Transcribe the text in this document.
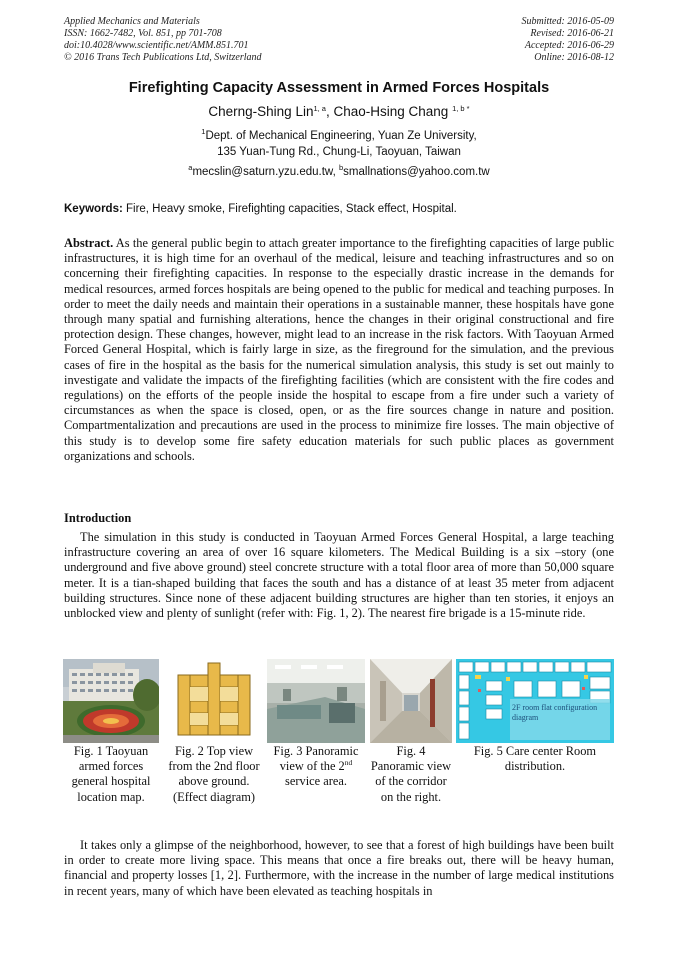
Applied Mechanics and Materials
ISSN: 1662-7482, Vol. 851, pp 701-708
doi:10.4028/www.scientific.net/AMM.851.701
© 2016 Trans Tech Publications Ltd, Switzerland
Submitted: 2016-05-09
Revised: 2016-06-21
Accepted: 2016-06-29
Online: 2016-08-12
Firefighting Capacity Assessment in Armed Forces Hospitals
Cherng-Shing Lin$^{1, a}$, Chao-Hsing Chang $^{1, b *}$
$^1$Dept. of Mechanical Engineering, Yuan Ze University,
135 Yuan-Tung Rd., Chung-Li, Taoyuan, Taiwan
$^a$mecslin@saturn.yzu.edu.tw, $^b$smallnations@yahoo.com.tw
Keywords: Fire, Heavy smoke, Firefighting capacities, Stack effect, Hospital.
Abstract. As the general public begin to attach greater importance to the firefighting capacities of large public infrastructures, it is high time for an overhaul of the medical, leisure and teaching infrastructures and so on concerning their firefighting capacities. In response to the especially drastic increase in the demands for medical resources, armed forces hospitals are being opened to the public for medical and teaching purposes. In order to meet the daily needs and maintain their operations in a sustainable manner, these hospitals have gone through many spatial and furnishing alterations, hence the changes in their original constructional and fire protection design. These changes, however, might lead to an increase in the risk factors. With Taoyuan Armed Forced General Hospital, which is fairly large in size, as the fireground for the simulation, and the previous cases of fire in the hospital as the basis for the numerical simulation analysis, this study is set out mainly to investigate and validate the impacts of the firefighting facilities (which are consistent with the fire codes and regulations) on the efforts of the people inside the hospital to escape from a fire under such a variety of circumstances as when the space is closed, open, or as the fire sources change in nature and position. Compartmentalization and precautions are used in the process to minimize fire losses. The main objective of this study is to develop some fire safety education materials for such public places as government organizations and schools.
Introduction
The simulation in this study is conducted in Taoyuan Armed Forces General Hospital, a large teaching infrastructure covering an area of over 16 square kilometers. The Medical Building is a six –story (one underground and five above ground) steel concrete structure with a total floor area of more than 50,000 square meter. It is a tian-shaped building that faces the south and has a distance of at least 35 meter from adjacent building structures. Since none of these adjacent building structures are higher than ten stories, it enjoys an unblocked view and plenty of sunlight (refer with: Fig. 1, 2). The nearest fire brigade is a 15-minute ride.
Fig. 1 Taoyuan armed forces general hospital location map.
Fig. 2 Top view from the 2nd floor above ground. (Effect diagram)
Fig. 3 Panoramic view of the 2nd service area.
Fig. 4 Panoramic view of the corridor on the right.
2F room flat configuration diagram
Fig. 5 Care center Room distribution.
It takes only a glimpse of the neighborhood, however, to see that a forest of high buildings have been built in order to create more living space. This means that once a fire breaks out, there will be heavy human, financial and property losses [1, 2]. Furthermore, with the increase in the number of large medical institutions in recent years, many of which have been elevated as teaching hospitals in
